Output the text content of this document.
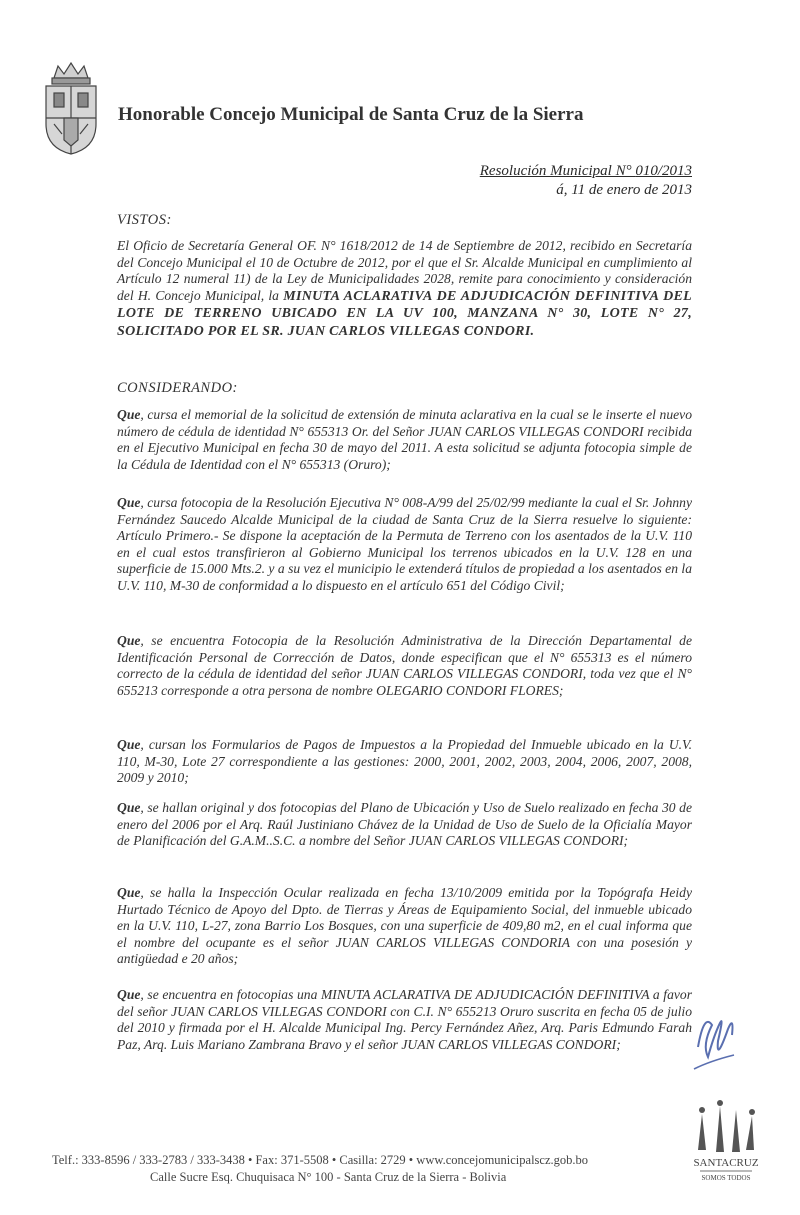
Honorable Concejo Municipal de Santa Cruz de la Sierra
Resolución Municipal N° 010/2013
á, 11 de enero de 2013
VISTOS:
El Oficio de Secretaría General OF. N° 1618/2012 de 14 de Septiembre de 2012, recibido en Secretaría del Concejo Municipal el 10 de Octubre de 2012, por el que el Sr. Alcalde Municipal en cumplimiento al Artículo 12 numeral 11) de la Ley de Municipalidades 2028, remite para conocimiento y consideración del H. Concejo Municipal, la MINUTA ACLARATIVA DE ADJUDICACIÓN DEFINITIVA DEL LOTE DE TERRENO UBICADO EN LA UV 100, MANZANA N° 30, LOTE N° 27, SOLICITADO POR EL SR. JUAN CARLOS VILLEGAS CONDORI.
CONSIDERANDO:
Que, cursa el memorial de la solicitud de extensión de minuta aclarativa en la cual se le inserte el nuevo número de cédula de identidad N° 655313 Or. del Señor JUAN CARLOS VILLEGAS CONDORI recibida en el Ejecutivo Municipal en fecha 30 de mayo del 2011. A esta solicitud se adjunta fotocopia simple de la Cédula de Identidad con el N° 655313 (Oruro);
Que, cursa fotocopia de la Resolución Ejecutiva N° 008-A/99 del 25/02/99 mediante la cual el Sr. Johnny Fernández Saucedo Alcalde Municipal de la ciudad de Santa Cruz de la Sierra resuelve lo siguiente: Artículo Primero.- Se dispone la aceptación de la Permuta de Terreno con los asentados de la U.V. 110 en el cual estos transfirieron al Gobierno Municipal los terrenos ubicados en la U.V. 128 en una superficie de 15.000 Mts.2. y a su vez el municipio le extenderá títulos de propiedad a los asentados en la U.V. 110, M-30 de conformidad a lo dispuesto en el artículo 651 del Código Civil;
Que, se encuentra Fotocopia de la Resolución Administrativa de la Dirección Departamental de Identificación Personal de Corrección de Datos, donde especifican que el N° 655313 es el número correcto de la cédula de identidad del señor JUAN CARLOS VILLEGAS CONDORI, toda vez que el N° 655213 corresponde a otra persona de nombre OLEGARIO CONDORI FLORES;
Que, cursan los Formularios de Pagos de Impuestos a la Propiedad del Inmueble ubicado en la U.V. 110, M-30, Lote 27 correspondiente a las gestiones: 2000, 2001, 2002, 2003, 2004, 2006, 2007, 2008, 2009 y 2010;
Que, se hallan original y dos fotocopias del Plano de Ubicación y Uso de Suelo realizado en fecha 30 de enero del 2006 por el Arq. Raúl Justiniano Chávez de la Unidad de Uso de Suelo de la Oficialía Mayor de Planificación del G.A.M..S.C. a nombre del Señor JUAN CARLOS VILLEGAS CONDORI;
Que, se halla la Inspección Ocular realizada en fecha 13/10/2009 emitida por la Topógrafa Heidy Hurtado Técnico de Apoyo del Dpto. de Tierras y Áreas de Equipamiento Social, del inmueble ubicado en la U.V. 110, L-27, zona Barrio Los Bosques, con una superficie de 409,80 m2, en el cual informa que el nombre del ocupante es el señor JUAN CARLOS VILLEGAS CONDORIA con una posesión y antigüedad e 20 años;
Que, se encuentra en fotocopias una MINUTA ACLARATIVA DE ADJUDICACIÓN DEFINITIVA a favor del señor JUAN CARLOS VILLEGAS CONDORI con C.I. N° 655213 Oruro suscrita en fecha 05 de julio del 2010 y firmada por el H. Alcalde Municipal Ing. Percy Fernández Añez, Arq. Paris Edmundo Farah Paz, Arq. Luis Mariano Zambrana Bravo y el señor JUAN CARLOS VILLEGAS CONDORI;
SANTACRUZ
SOMOS TODOS
Telf.: 333-8596 / 333-2783 / 333-3438 • Fax: 371-5508 • Casilla: 2729 • www.concejomunicipalscz.gob.bo
Calle Sucre Esq. Chuquisaca N° 100 - Santa Cruz de la Sierra - Bolivia
